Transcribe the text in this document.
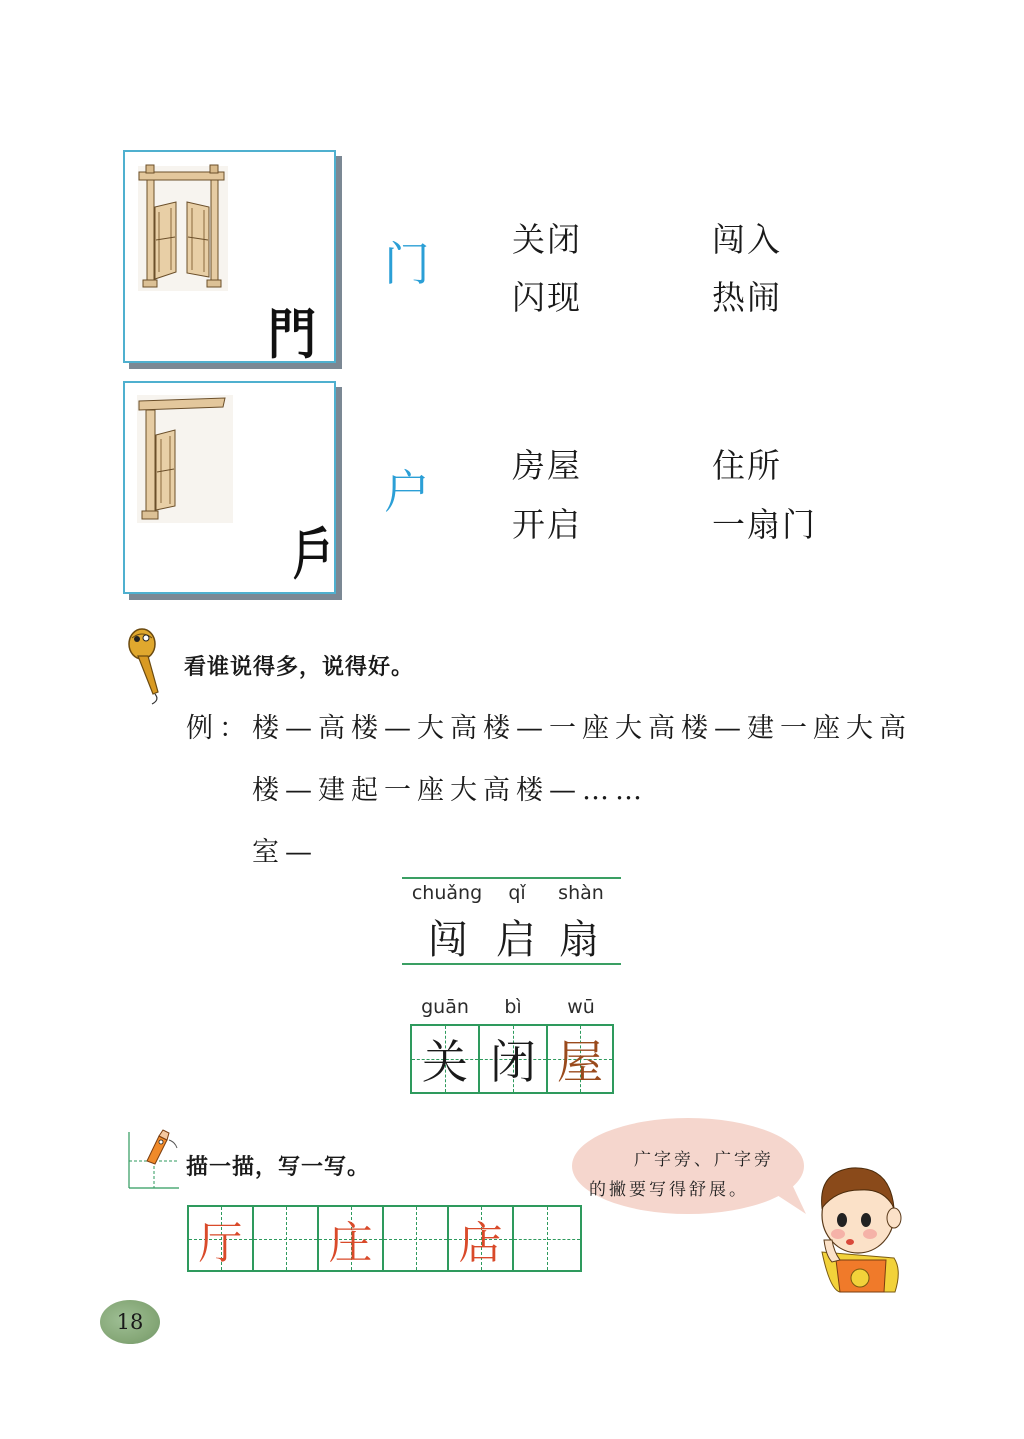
門
门 关闭	闯入
闪现	热闹
戶
户 房屋	住所
开启	一扇门
看谁说得多，说得好。
例： 楼—高楼—大高楼—一座大高楼—建一座大高
楼—建起一座大高楼—……
室—
chuǎng	qǐ	shàn
闯 启 扇
guān	bì	wū
关 闭 屋
描一描，写一写。
厅 庄 店
广字旁、广字旁
的撇要写得舒展。
18
